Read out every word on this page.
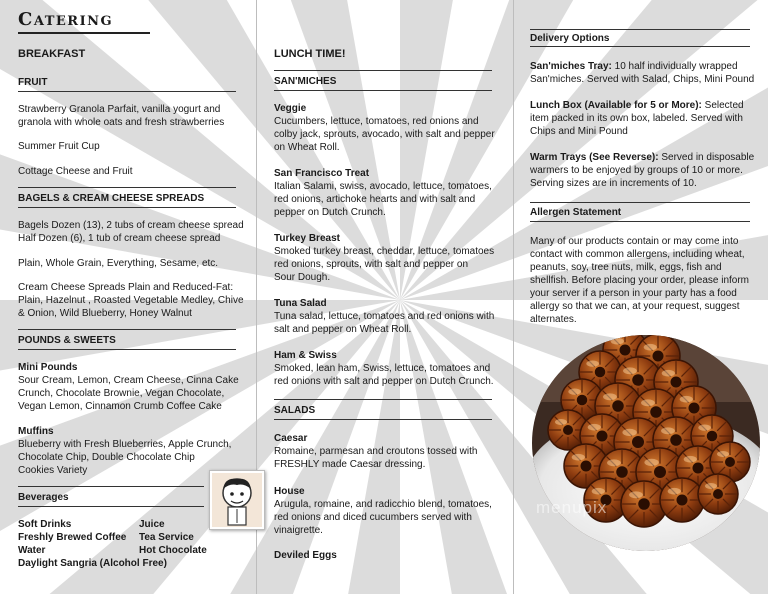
Catering
BREAKFAST
FRUIT
Strawberry Granola Parfait, vanilla yogurt and
granola with whole oats and fresh strawberries
Summer Fruit Cup
Cottage Cheese and Fruit
BAGELS & CREAM CHEESE SPREADS
Bagels Dozen (13), 2 tubs of cream cheese spread
Half Dozen (6), 1 tub of cream cheese spread
Plain, Whole Grain, Everything, Sesame, etc.
Cream Cheese Spreads Plain and Reduced-Fat:
Plain, Hazelnut , Roasted Vegetable Medley, Chive
& Onion, Wild Blueberry, Honey Walnut
POUNDS & SWEETS
Mini Pounds
Sour Cream, Lemon, Cream Cheese, Cinna Cake
Crunch, Chocolate Brownie, Vegan Chocolate,
Vegan Lemon, Cinnamon Crumb Coffee Cake
Muffins
Blueberry with Fresh Blueberries, Apple Crunch,
Chocolate Chip, Double Chocolate Chip
Cookies Variety
Beverages
Soft Drinks
Freshly Brewed Coffee
Water
Daylight Sangria (Alcohol Free)
Juice
Tea Service
Hot Chocolate
LUNCH TIME!
SAN'MICHES
Veggie
Cucumbers, lettuce, tomatoes, red onions and
colby jack, sprouts, avocado, with salt and pepper
on Wheat Roll.
San Francisco Treat
Italian Salami, swiss, avocado, lettuce, tomatoes,
red onions, artichoke hearts and with salt and
pepper on Dutch Crunch.
Turkey Breast
Smoked turkey breast, cheddar, lettuce, tomatoes
red onions, sprouts, with salt and pepper on
Sour Dough.
Tuna Salad
Tuna salad, lettuce, tomatoes and red onions with
salt and pepper on Wheat Roll.
Ham & Swiss
Smoked, lean ham, Swiss, lettuce, tomatoes and
red onions with salt and pepper on Dutch Crunch.
SALADS
Caesar
Romaine, parmesan and croutons tossed with
FRESHLY made Caesar dressing.
House
Arugula, romaine, and radicchio blend, tomatoes,
red onions and diced cucumbers served with
vinaigrette.
Deviled Eggs
Delivery Options
San'miches Tray: 10 half individually wrapped
San'miches. Served with Salad, Chips, Mini Pound
Lunch Box (Available for 5 or More): Selected
item packed in its own box, labeled. Served with
Chips and Mini Pound
Warm Trays (See Reverse): Served in disposable
warmers to be enjoyed by groups of 10 or more.
Serving sizes are in increments of 10.
Allergen Statement
Many of our products contain or may come into
contact with common allergens, including wheat,
peanuts, soy, tree nuts, milk, eggs, fish and
shellfish. Before placing your order, please inform
your server if a person in your party has a food
allergy so that we can, at your request, suggest
alternates.
menupix
